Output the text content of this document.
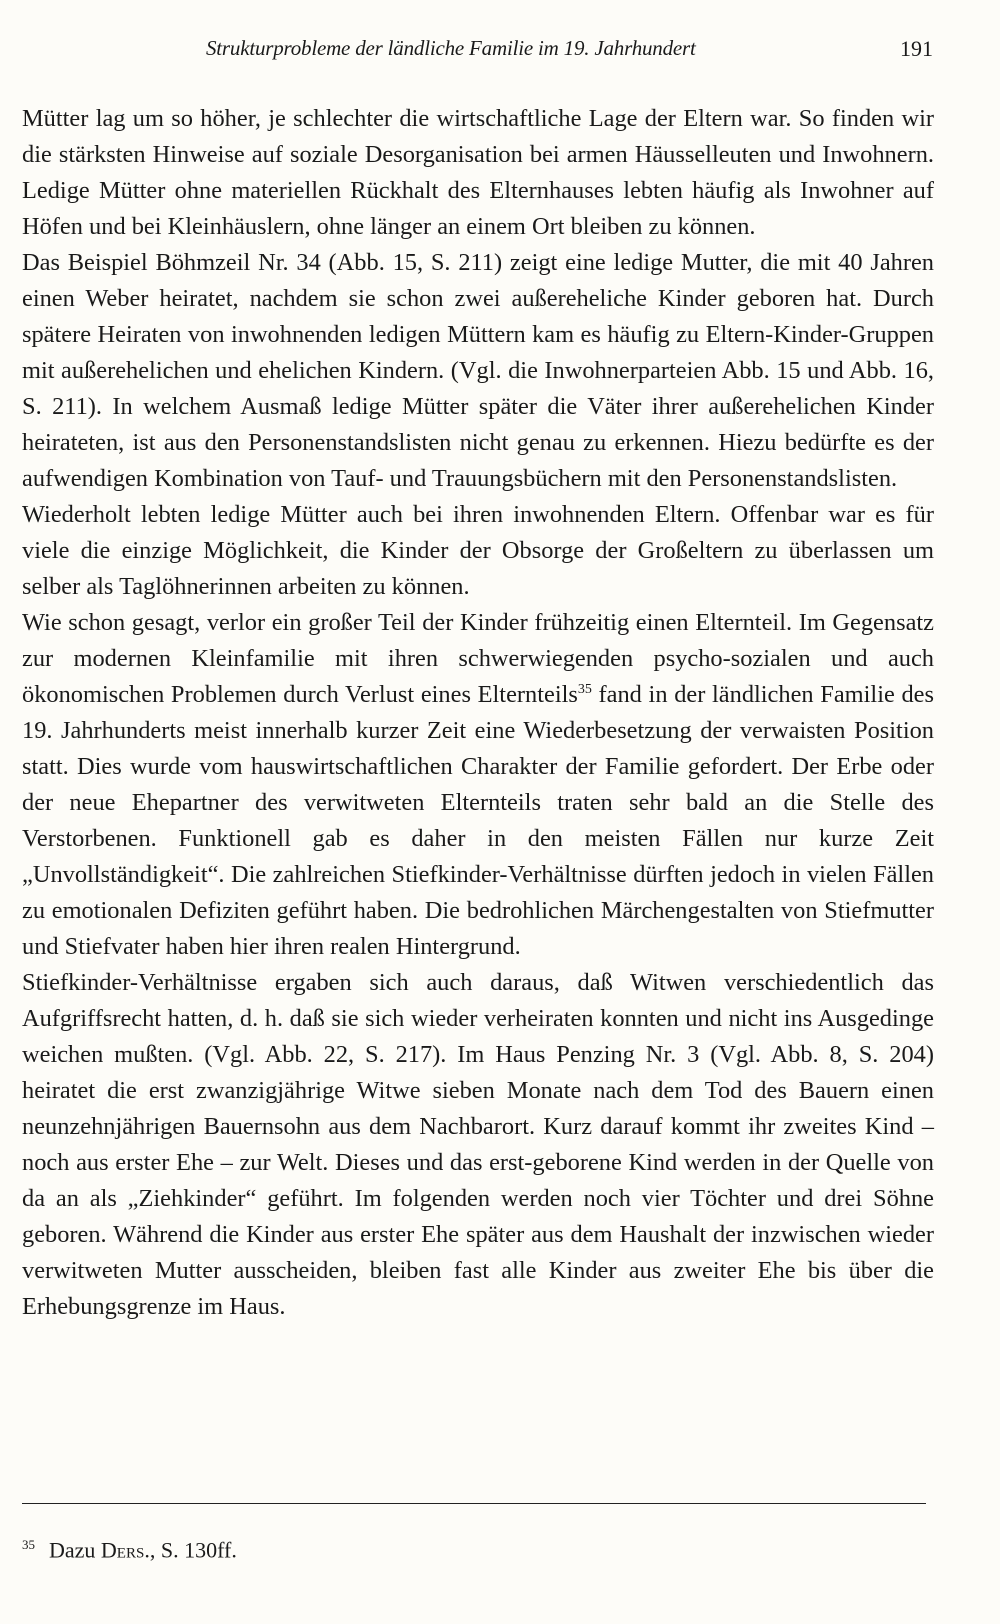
Strukturprobleme der ländliche Familie im 19. Jahrhundert	191

Mütter lag um so höher, je schlechter die wirtschaftliche Lage der Eltern war. So finden wir die stärksten Hinweise auf soziale Desorganisation bei armen Häusselleuten und Inwohnern. Ledige Mütter ohne materiellen Rückhalt des Elternhauses lebten häufig als Inwohner auf Höfen und bei Kleinhäuslern, ohne länger an einem Ort bleiben zu können.

Das Beispiel Böhmzeil Nr. 34 (Abb. 15, S. 211) zeigt eine ledige Mutter, die mit 40 Jahren einen Weber heiratet, nachdem sie schon zwei außereheliche Kinder geboren hat. Durch spätere Heiraten von inwohnenden ledigen Müttern kam es häufig zu Eltern-Kinder-Gruppen mit außerehelichen und ehelichen Kindern. (Vgl. die Inwohnerparteien Abb. 15 und Abb. 16, S. 211). In welchem Ausmaß ledige Mütter später die Väter ihrer außerehelichen Kinder heirateten, ist aus den Personenstandslisten nicht genau zu erkennen. Hiezu bedürfte es der aufwendigen Kombination von Tauf- und Trauungsbüchern mit den Personenstandslisten.

Wiederholt lebten ledige Mütter auch bei ihren inwohnenden Eltern. Offenbar war es für viele die einzige Möglichkeit, die Kinder der Obsorge der Großeltern zu überlassen um selber als Taglöhnerinnen arbeiten zu können.

Wie schon gesagt, verlor ein großer Teil der Kinder frühzeitig einen Elternteil. Im Gegensatz zur modernen Kleinfamilie mit ihren schwerwiegenden psycho-sozialen und auch ökonomischen Problemen durch Verlust eines Elternteils$^{35}$ fand in der ländlichen Familie des 19. Jahrhunderts meist innerhalb kurzer Zeit eine Wiederbesetzung der verwaisten Position statt. Dies wurde vom hauswirtschaftlichen Charakter der Familie gefordert. Der Erbe oder der neue Ehepartner des verwitweten Elternteils traten sehr bald an die Stelle des Verstorbenen. Funktionell gab es daher in den meisten Fällen nur kurze Zeit „Unvollständigkeit“. Die zahlreichen Stiefkinder-Verhältnisse dürften jedoch in vielen Fällen zu emotionalen Defiziten geführt haben. Die bedrohlichen Märchengestalten von Stiefmutter und Stiefvater haben hier ihren realen Hintergrund.

Stiefkinder-Verhältnisse ergaben sich auch daraus, daß Witwen verschiedentlich das Aufgriffsrecht hatten, d. h. daß sie sich wieder verheiraten konnten und nicht ins Ausgedinge weichen mußten. (Vgl. Abb. 22, S. 217). Im Haus Penzing Nr. 3 (Vgl. Abb. 8, S. 204) heiratet die erst zwanzigjährige Witwe sieben Monate nach dem Tod des Bauern einen neunzehnjährigen Bauernsohn aus dem Nachbarort. Kurz darauf kommt ihr zweites Kind – noch aus erster Ehe – zur Welt. Dieses und das erst-geborene Kind werden in der Quelle von da an als „Ziehkinder“ geführt. Im folgenden werden noch vier Töchter und drei Söhne geboren. Während die Kinder aus erster Ehe später aus dem Haushalt der inzwischen wieder verwitweten Mutter ausscheiden, bleiben fast alle Kinder aus zweiter Ehe bis über die Erhebungsgrenze im Haus.

$^{35}$ Dazu Ders., S. 130ff.
